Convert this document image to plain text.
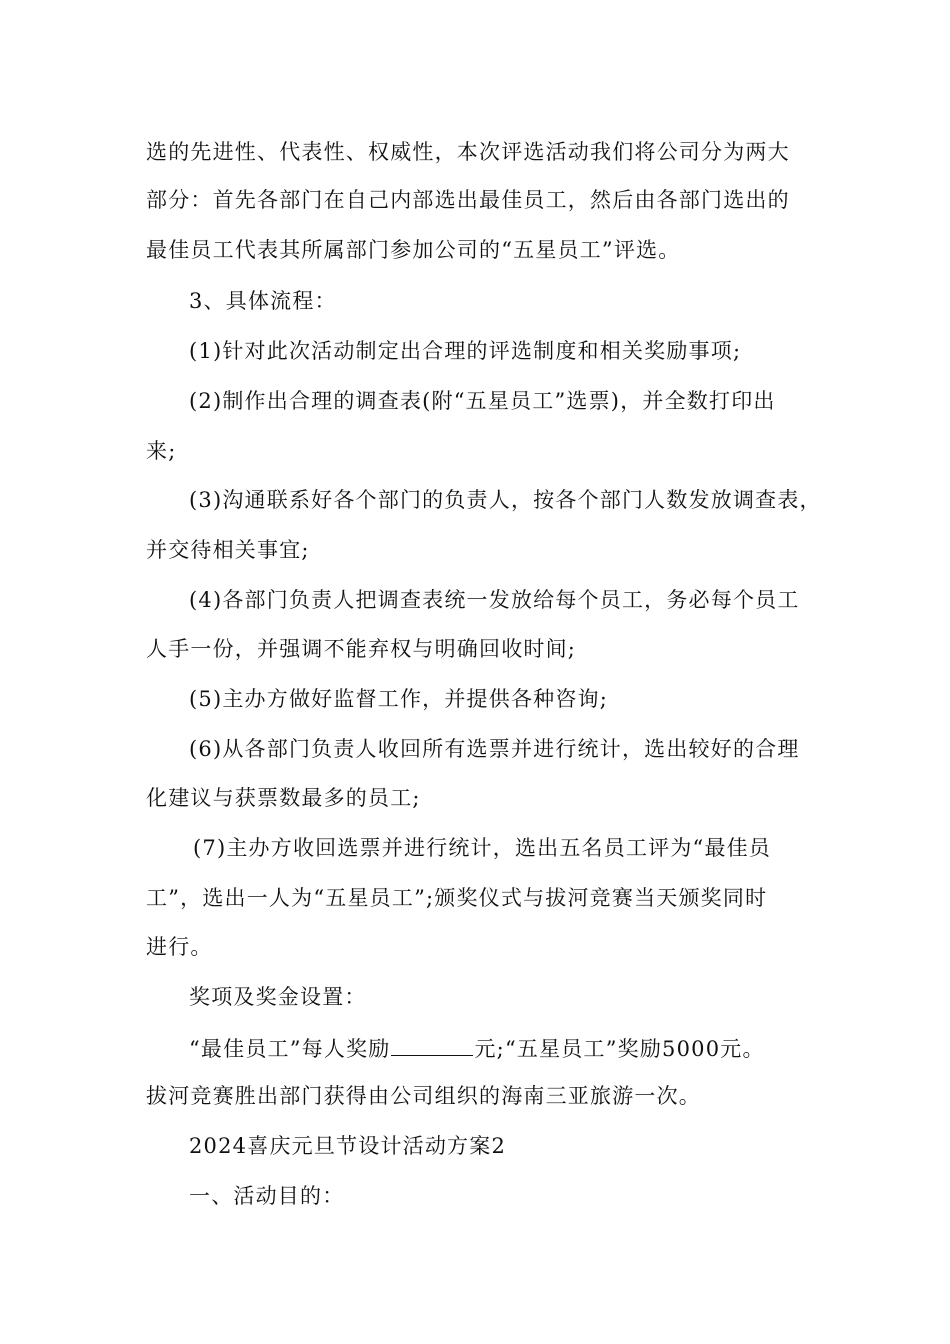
选的先进性、代表性、权威性，本次评选活动我们将公司分为两大
部分：首先各部门在自己内部选出最佳员工，然后由各部门选出的
最佳员工代表其所属部门参加公司的“五星员工”评选。
3、具体流程：
(1)针对此次活动制定出合理的评选制度和相关奖励事项;
(2)制作出合理的调查表(附“五星员工”选票)，并全数打印出
来;
(3)沟通联系好各个部门的负责人，按各个部门人数发放调查表，
并交待相关事宜;
(4)各部门负责人把调查表统一发放给每个员工，务必每个员工
人手一份，并强调不能弃权与明确回收时间;
(5)主办方做好监督工作，并提供各种咨询;
(6)从各部门负责人收回所有选票并进行统计，选出较好的合理
化建议与获票数最多的员工;
(7)主办方收回选票并进行统计，选出五名员工评为“最佳员
工”，选出一人为“五星员工”;颁奖仪式与拔河竞赛当天颁奖同时
进行。
奖项及奖金设置：
“最佳员工”每人奖励	元;“五星员工”奖励5000元。
拔河竞赛胜出部门获得由公司组织的海南三亚旅游一次。
2024喜庆元旦节设计活动方案2
一、活动目的：
